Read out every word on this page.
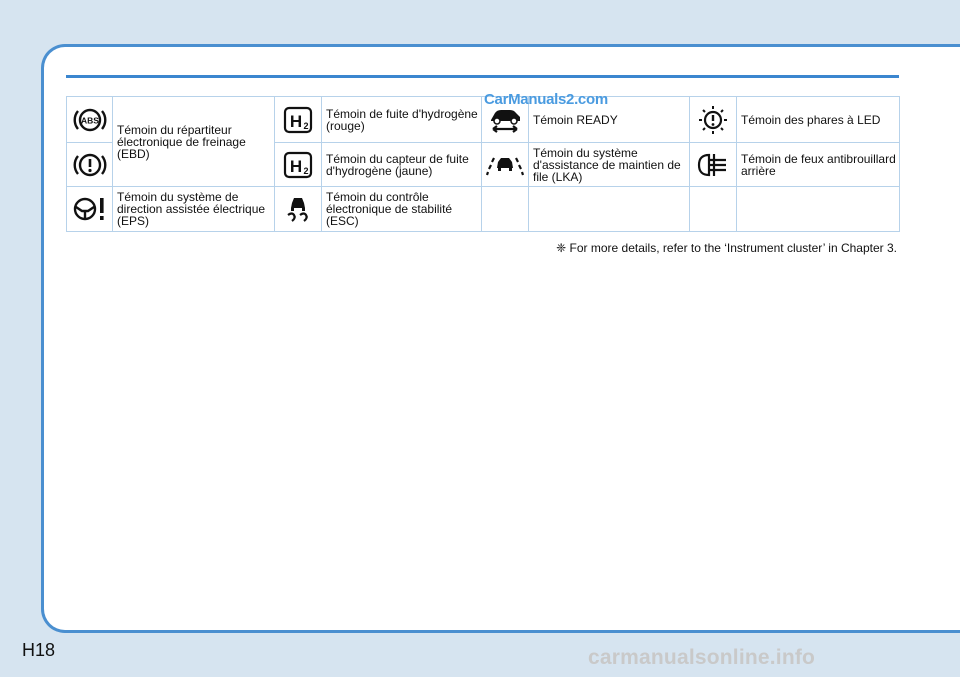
ABS	Témoin du répartiteur électronique de freinage (EBD)	H 2	Témoin de fuite d'hydrogène (rouge)		Témoin READY		Témoin des phares à LED

H 2	Témoin du capteur de fuite d'hydrogène (jaune)		Témoin du système d'assistance de maintien de file (LKA)		Témoin de feux antibrouillard arrière

	Témoin du système de direction assistée électrique (EPS)		Témoin du contrôle électronique de stabilité (ESC)				
CarManuals2.com
❈ For more details, refer to the ‘Instrument cluster’ in Chapter 3.
H18	carmanualsonline.info
